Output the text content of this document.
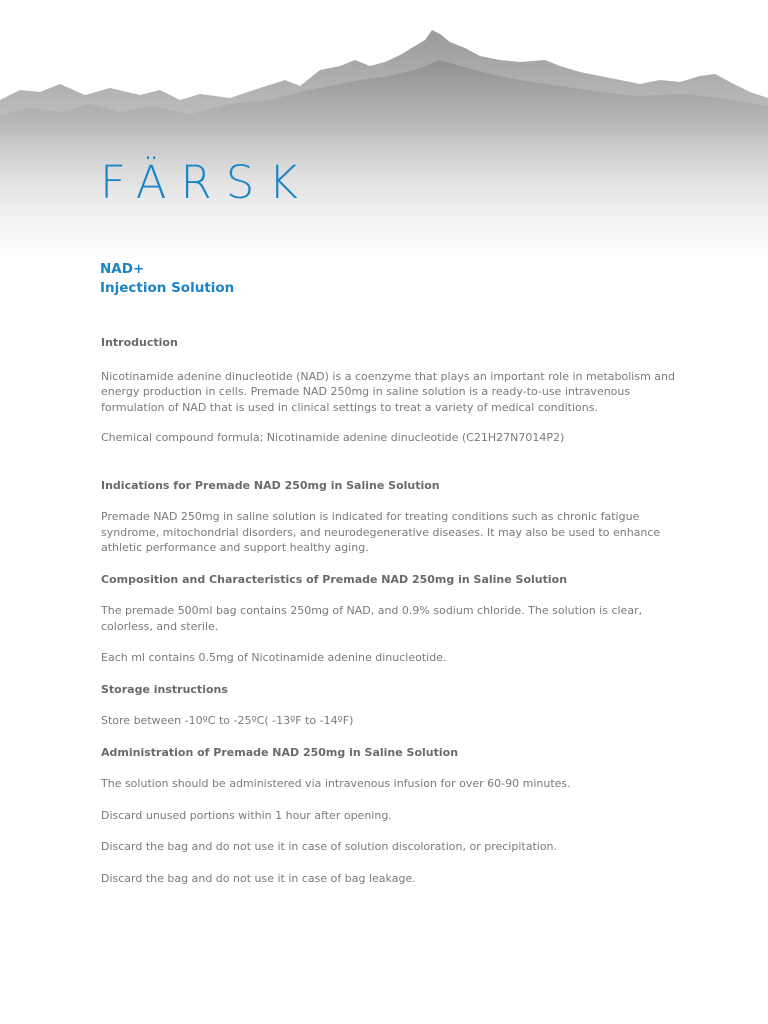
FÄRSK
NAD+
Injection Solution

Introduction

Nicotinamide adenine dinucleotide (NAD) is a coenzyme that plays an important role in metabolism and energy production in cells. Premade NAD 250mg in saline solution is a ready-to-use intravenous formulation of NAD that is used in clinical settings to treat a variety of medical conditions.

Chemical compound formula; Nicotinamide adenine dinucleotide (C21H27N7014P2)

Indications for Premade NAD 250mg in Saline Solution

Premade NAD 250mg in saline solution is indicated for treating conditions such as chronic fatigue syndrome, mitochondrial disorders, and neurodegenerative diseases. It may also be used to enhance athletic performance and support healthy aging.

Composition and Characteristics of Premade NAD 250mg in Saline Solution

The premade 500ml bag contains 250mg of NAD, and 0.9% sodium chloride. The solution is clear, colorless, and sterile.

Each ml contains 0.5mg of Nicotinamide adenine dinucleotide.

Storage instructions

Store between -10ºC to -25ºC( -13ºF to -14ºF)

Administration of Premade NAD 250mg in Saline Solution

The solution should be administered via intravenous infusion for over 60-90 minutes.

Discard unused portions within 1 hour after opening.

Discard the bag and do not use it in case of solution discoloration, or precipitation.

Discard the bag and do not use it in case of bag leakage.
